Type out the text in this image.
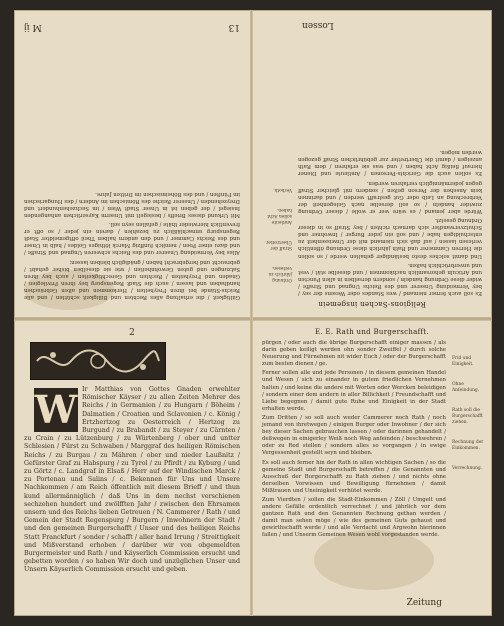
Gültigkeit / die erhaltung alles Rechten und Billigkeit schütten / und alle Reichs-Stände bei ihren Freyheiten / Herkommen und alten Gebräuchen handhaben und lassen / auch die Stadt Regenspurg bey ihren Privilegien / Gnaden und Freyheiten / Rechten und Gerechtigkeiten / auch bey ihren Satzungen und guten Gewohnheiten / wie sie dieselben bisher gehabt / gebraucht und hergebracht haben / gnädiglich bleiben lassen;

Alles bey Vermeidung Unserer und des Reichs schweren Ungnad und Straffe / und dazu einer Poen / nemlich funffzig Marck löthiges Goldes / halb in Unser und des Reichs Cammer / und den andern halben Theil offtgemeldter Stadt Regenspurg unnachläßlich zu bezahlen / darein ein jeder / so offt er freventlich hierwieder thäte / gefallen seyn soll.

Mit Urkund dieses Brieffs / besiegelt mit Unserm Kayserlichen anhangenden Insiegel / der geben ist in Unser Stadt Wien / im Sechzehenhundert und Dreyzehenden / Unserer Reiche des Römischen im Andern / des Hungarischen im Fünften / und des Böheimischen im Dritten Jahre.

13
M ij
Ordnung jährlich zu verlesen.
Straff der Übertretter.
Amtleute sollen Acht haben.
Verboth.
Religions-Sachen insgemein

Es soll auch ferner niemand / wes Standes oder Wesens der sey / bey Vermeidung Unserer und des Reichs Ungnad und Straffe / wider diese Ordnung handeln / sondern derselben in allen Puncten und Articuln gehorsamlich nachkommen / und dieselbe stät / vest und unverbrüchlich halten.

Und damit solches desto beständiger gehalten werde / so sollen die Herren Cammerer und Rath jährlich diese Ordnung öffentlich verlesen lassen / auf daß sich niemand mit der Unwissenheit zu entschuldigen habe / und soll ein jeder Burger / Inwohner und Schutzverwandter sich darnach richten / bey Straff so in dieser Ordnung gesetzt.

Würde aber jemand / es wäre wer er wolle / dieser Ordnung zuwider handeln / so soll derselbe nach Gelegenheit der Verbrechung an Leib oder Gut gestrafft werden / und darinnen kein Ansehen der Person gelten / sondern mit gleicher Straff gegen jedermänniglich verfahren werden.

Es sollen auch die Gerichts-Personen / Amtleute und Diener hierauf fleißig Acht haben / und was sie erfahren / dem Rath anzeigen / damit die Übertretter zur gebührlichen Straff gezogen werden mögen.

Lossen
2
W Ir Matthias von Gottes Gnaden erwehlter Römischer Käyser / zu allen Zeiten Mehrer des Reichs / in Germanien / zu Hungarn / Böheim / Dalmatien / Croatien und Sclavonien / c. König / Ertzhertzog zu Oesterreich / Hertzog zu Burgund / zu Brabandt / zu Steyer / zu Cärnten / zu Crain / zu Lützenburg / zu Würtenberg / ober und untter Schlesien / Fürst zu Schwaben / Marggraf des heiligen Römischen Reichs / zu Burgau / zu Mähren / ober und nieder Laußnitz / Gefürster Graf zu Habspurg / zu Tyrol / zu Pfirdt / zu Kyburg / und zu Görtz / c. Landgraf in Elsaß / Herr auf der Windischen Marck / zu Portenau und Salins / c. Bekennen für Uns und Unsere Nachkommen / am Reich öffentlich mit diesem Brieff / und thun kund allermänniglich / daß Uns in dem nechst verschienen sechzehen hundert und zwölfften Jahr / zwischen den Ehrsamen unsern und des Reichs lieben Getreuen / N. Cammerer / Rath / und Gemein der Stadt Regenspurg / Burgern / Inwohnern der Stadt / und den gemeinen Burgerschafft / Unser und des heiligen Reichs Statt Franckfurt / sonder / schafft / aller hand Irrung / Streittigkeit und Mißverstand erhoben / darüber wir von obgemeldten Burgermeister und Rath / und Käyserlich Commission ersucht und gebetten worden / so haben Wir doch und unzüglichen Unser und Unsern Käyserlich Commission ersucht und geben.

Frid und Einigkeit.
Ohne Anfeindung.
Rath soll die Burgerschafft ziehen.
Rechnung der Einkommen.
Verrechnung.
E. E. Rath und Burgerschafft.

pürgen / oder auch die übrige Burgerschafft einiger massen / als darin geben keiligt werden ohn sonder Zweiffel / durch solche Neuerung und Fürnehmen nit wider Euch / oder der Burgerschafft zum besten dienen / ge.

Ferner sollen alle und jede Personen / in diesem gemeinen Handel und Wesen / sich zu einander in gutem friedlichen Vernehmen halten / und keine die andere mit Worten oder Wercken beleidigen / sondern einer dem andern in aller Billichkeit / Freundschafft und Liebe begegnen / damit gute Ruhe und Einigkeit in der Stadt erhalten werde.

Zum Dritten / so soll auch weder Cammerer noch Rath / noch jemand von ihretwegen / einigen Burger oder Inwohner / der sich bey dieser Sachen gebrauchen lassen / oder darinnen gehandelt / deßwegen in einigerley Weiß noch Weg anfeinden / beschwehren / oder zu Red stellen / sondern alles so vorgangen / in ewige Vergessenheit gestellt seyn und bleiben.

Es soll auch ferner hin der Rath in allen wichtigen Sachen / so die gemeine Stadt und Burgerschafft betreffen / die Genannten und Ausschuß der Burgerschafft zu Rath ziehen / und nichts ohne derselben Vorwissen und Bewilligung fürnehmen / damit Mißtrauen und Uneinigkeit verhütet werde.

Zum Vierdten / sollen die Stadt-Einkommen / Zöll / Umgelt und andere Gefälle ordentlich verrechnet / und jährlich vor dem gantzen Rath und den Genannten Rechnung gethan werden / damit man sehen möge / wie des gemeinen Guts gehaust und gewirthschafft werde / und alle Verdacht und Argwohn hierinnen fallen / und Unserm Gemeinen Wesen wohl vorgestanden werde.

Zeitung
